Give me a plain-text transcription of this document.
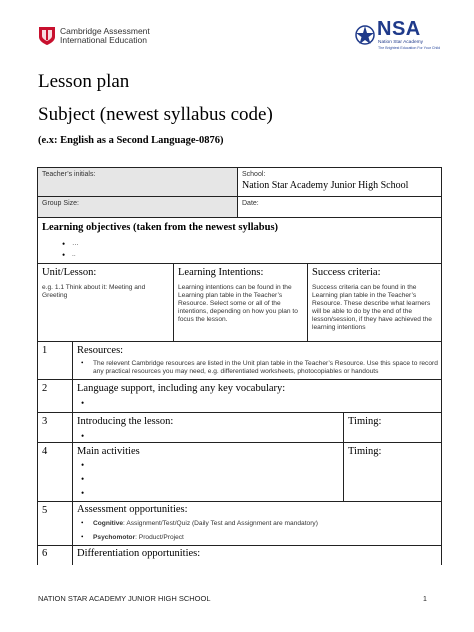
Cambridge Assessment
International Education	NSA
Nation Star Academy
The Brightest Education For Your Child
Lesson plan
Subject (newest syllabus code)
(e.x: English as a Second Language-0876)
Teacher’s initials:	School:
Nation Star Academy Junior High School
Group Size:	Date:
Learning objectives (taken from the newest syllabus)
• …
• ..
Unit/Lesson:
e.g. 1.1 Think about it: Meeting and Greeting
Learning Intentions:
Learning intentions can be found in the Learning plan table in the Teacher’s Resource. Select some or all of the intentions, depending on how you plan to focus the lesson.
Success criteria:
Success criteria can be found in the Learning plan table in the Teacher’s Resource. These describe what learners will be able to do by the end of the lesson/session, if they have achieved the learning intentions
1	Resources:
• The relevent Cambridge resources are listed in the Unit plan table in the Teacher’s Resource. Use this space to record any practical resources you may need, e.g. differentiated worksheets, photocopiables or handouts
2	Language support, including any key vocabulary:
•
3	Introducing the lesson:
•
Timing:
4	Main activities
•
•
•
Timing:
5	Assessment opportunities:
• Cognitive: Assignment/Test/Quiz (Daily Test and Assignment are mandatory)
• Psychomotor: Product/Project
6	Differentiation opportunities:
NATION STAR ACADEMY JUNIOR HIGH SCHOOL	1
